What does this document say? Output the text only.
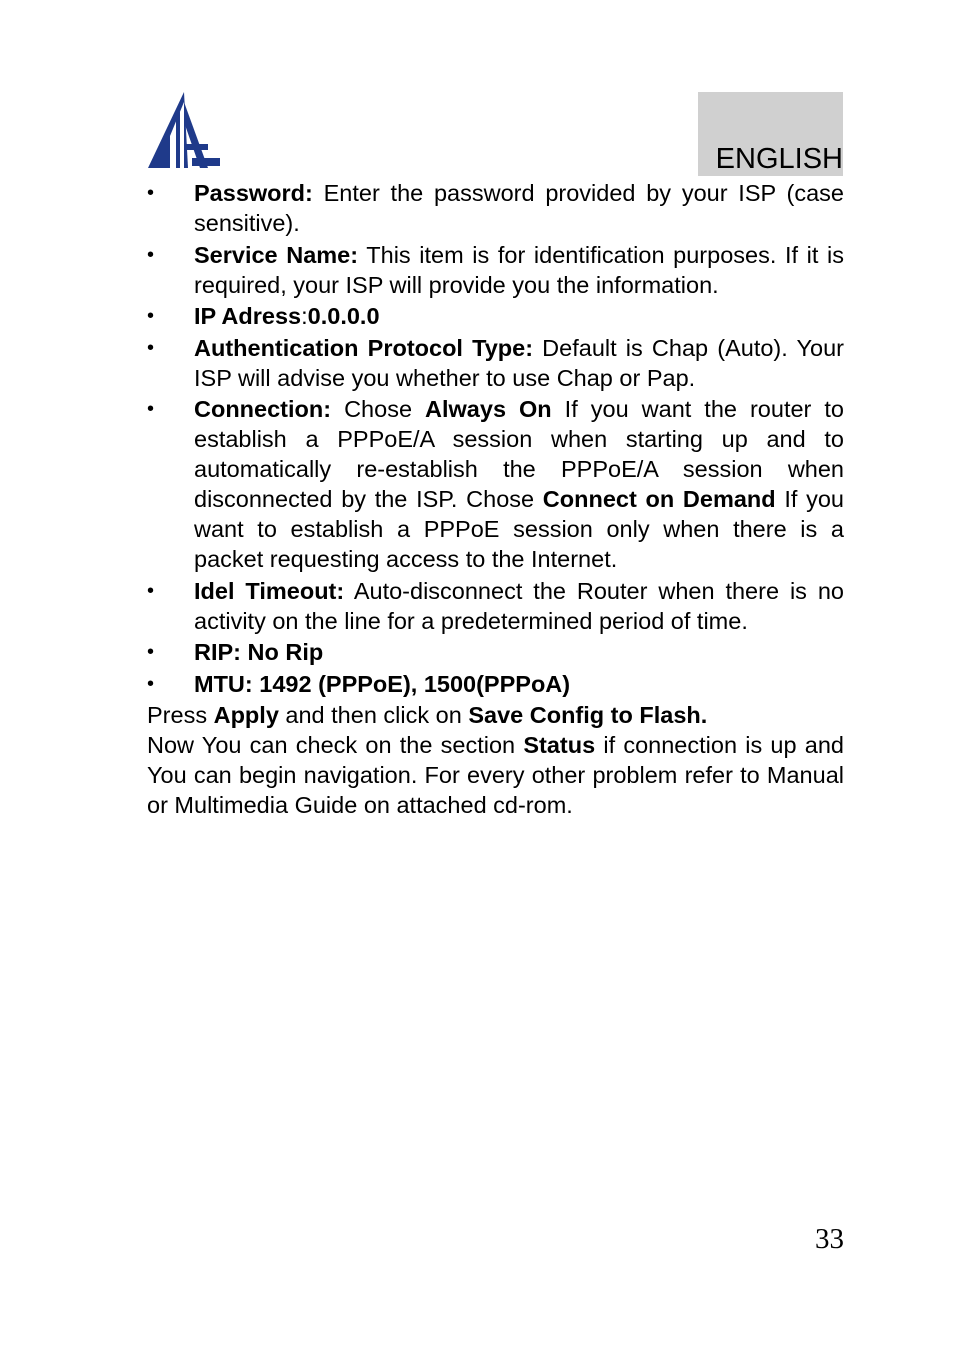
ENGLISH
• Password: Enter the password provided by your ISP (case sensitive).
• Service Name: This item is for identification purposes. If it is required, your ISP will provide you the information.
• IP Adress:0.0.0.0
• Authentication Protocol Type: Default is Chap (Auto). Your ISP will advise you whether to use Chap or Pap.
• Connection: Chose Always On If you want the router to establish a PPPoE/A session when starting up and to automatically re-establish the PPPoE/A session when disconnected by the ISP. Chose Connect on Demand If you want to establish a PPPoE session only when there is a packet requesting access to the Internet.
• Idel Timeout: Auto-disconnect the Router when there is no activity on the line for a predetermined period of time.
• RIP: No Rip
• MTU: 1492 (PPPoE), 1500(PPPoA)

Press Apply and then click on Save Config to Flash.

Now You can check on the section Status if connection is up and You can begin navigation. For every other problem refer to Manual or Multimedia Guide on attached cd-rom.

33
